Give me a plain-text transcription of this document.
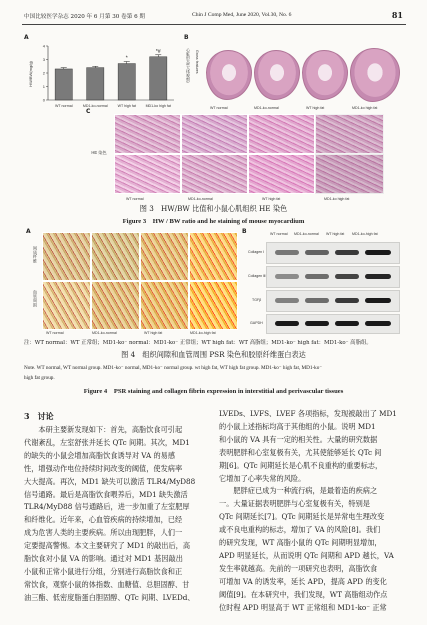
中国比较医学杂志 2020 年 6 月第 30 卷第 6 期	Chin J Comp Med, June 2020, Vol.30, No. 6	81
A
HW/BW(mg/g)
0
1
2
3
4
*
*#
WT normal	MD1-ko-normal	WT high fat	MD1-ko high fat
B
心脏形态(大体观察)	Gross features
WT normal	MD1-ko-normal	WT high fat	MD1-ko high fat
C
HE 染色
WT normal	MD1-ko-normal	WT high fat	MD1-ko high fat
图 3　HW/BW 比值和小鼠心肌组织 HE 染色
Figure 3　HW / BW ratio and he staining of mouse myocardium
A
间质纤维
血管周围
WT normal	MD1-ko-normal	WT high fat	MD1-ko-high fat
B	WT normal MD1-ko-normal WT high fat MD1-ko-high fat
Collagen Ⅰ
Collagen Ⅲ
TGFβ
GAPDH
注：WT normal：WT 正常组；MD1-ko⁻ normal：MD1-ko⁻ 正常组；WT high fat：WT 高脂组；MD1-ko⁻ high fat：MD1-ko⁻ 高脂组。
图 4　组织间隙和血管周围 PSR 染色和胶原纤维蛋白表达
Note. WT normal, WT normal group. MD1-ko⁻ normal, MD1-ko⁻ normal group. wt high fat, WT high fat group. MD1-ko⁻ high fat, MD1-ko⁻
high fat group.
Figure 4　PSR staining and collagen fibrin expression in interstitial and perivascular tissues
3　讨论
　　本研主要新发现如下：首先，高脂饮食可引起
代谢紊乱，左室舒张并延长 QTc 间期。其次，MD1
的缺失的小鼠会增加高脂饮食诱导对 VA 的易感
性，增强动作电位持续时间改变的阈值，使发病率
大大提高。再次，MD1 缺失可以激活 TLR4/MyD88
信号通路。最后是高脂饮食喂养后，MD1 缺失激活
TLR4/MyD88 信号通路后，进一步加重了左室肥厚
和纤维化。近年来，心血管疾病的持续增加，已经
成为危害人类的主要疾病。所以由现肥胖，人们一
定要提高警惕。本文主要研究了 MD1 的敲出后，高
脂饮食对小鼠 VA 的影响。通过对 MD1 基因敲出
小鼠和正常小鼠进行分组，分别进行高脂饮食和正
常饮食，观察小鼠的体指数、血糖值、总胆固醇、甘
油三酯、低密度脂蛋白胆固醇、QTc 间期、LVEDd、
LVEDs、LVFS、LVEF 各项指标，发现被敲出了 MD1
的小鼠上述指标均高于其他组的小鼠。说明 MD1
和小鼠的 VA 具有一定的相关性。大量的研究数据
表明肥胖和心室复极有关，尤其使能够延长 QTc 间
期[6]。QTc 间期延长是心肌不良重构的重要标志，
它增加了心率失常的风险。
　　肥胖症已成为一种流行病，是最着造的疾病之
一。大量证据表明肥胖与心室复极有关，特别是
QTc 间期延长[7]。QTc 间期延长是异常电生理改变
或不良电重构的标志，增加了 VA 的风险[8]。我们
的研究发现，WT 高脂小鼠的 QTc 间期明显增加，
APD 明显延长，从而说明 QTc 间期和 APD 越长，VA
发生率就越高。先前的一项研究也表明，高脂饮食
可增加 VA 的诱发率，延长 APD，提高 APD 的变化
阈值[9]。在本研究中，我们发现，WT 高脂组动作点
位时程 APD 明显高于 WT 正常组和 MD1-ko⁻ 正常
